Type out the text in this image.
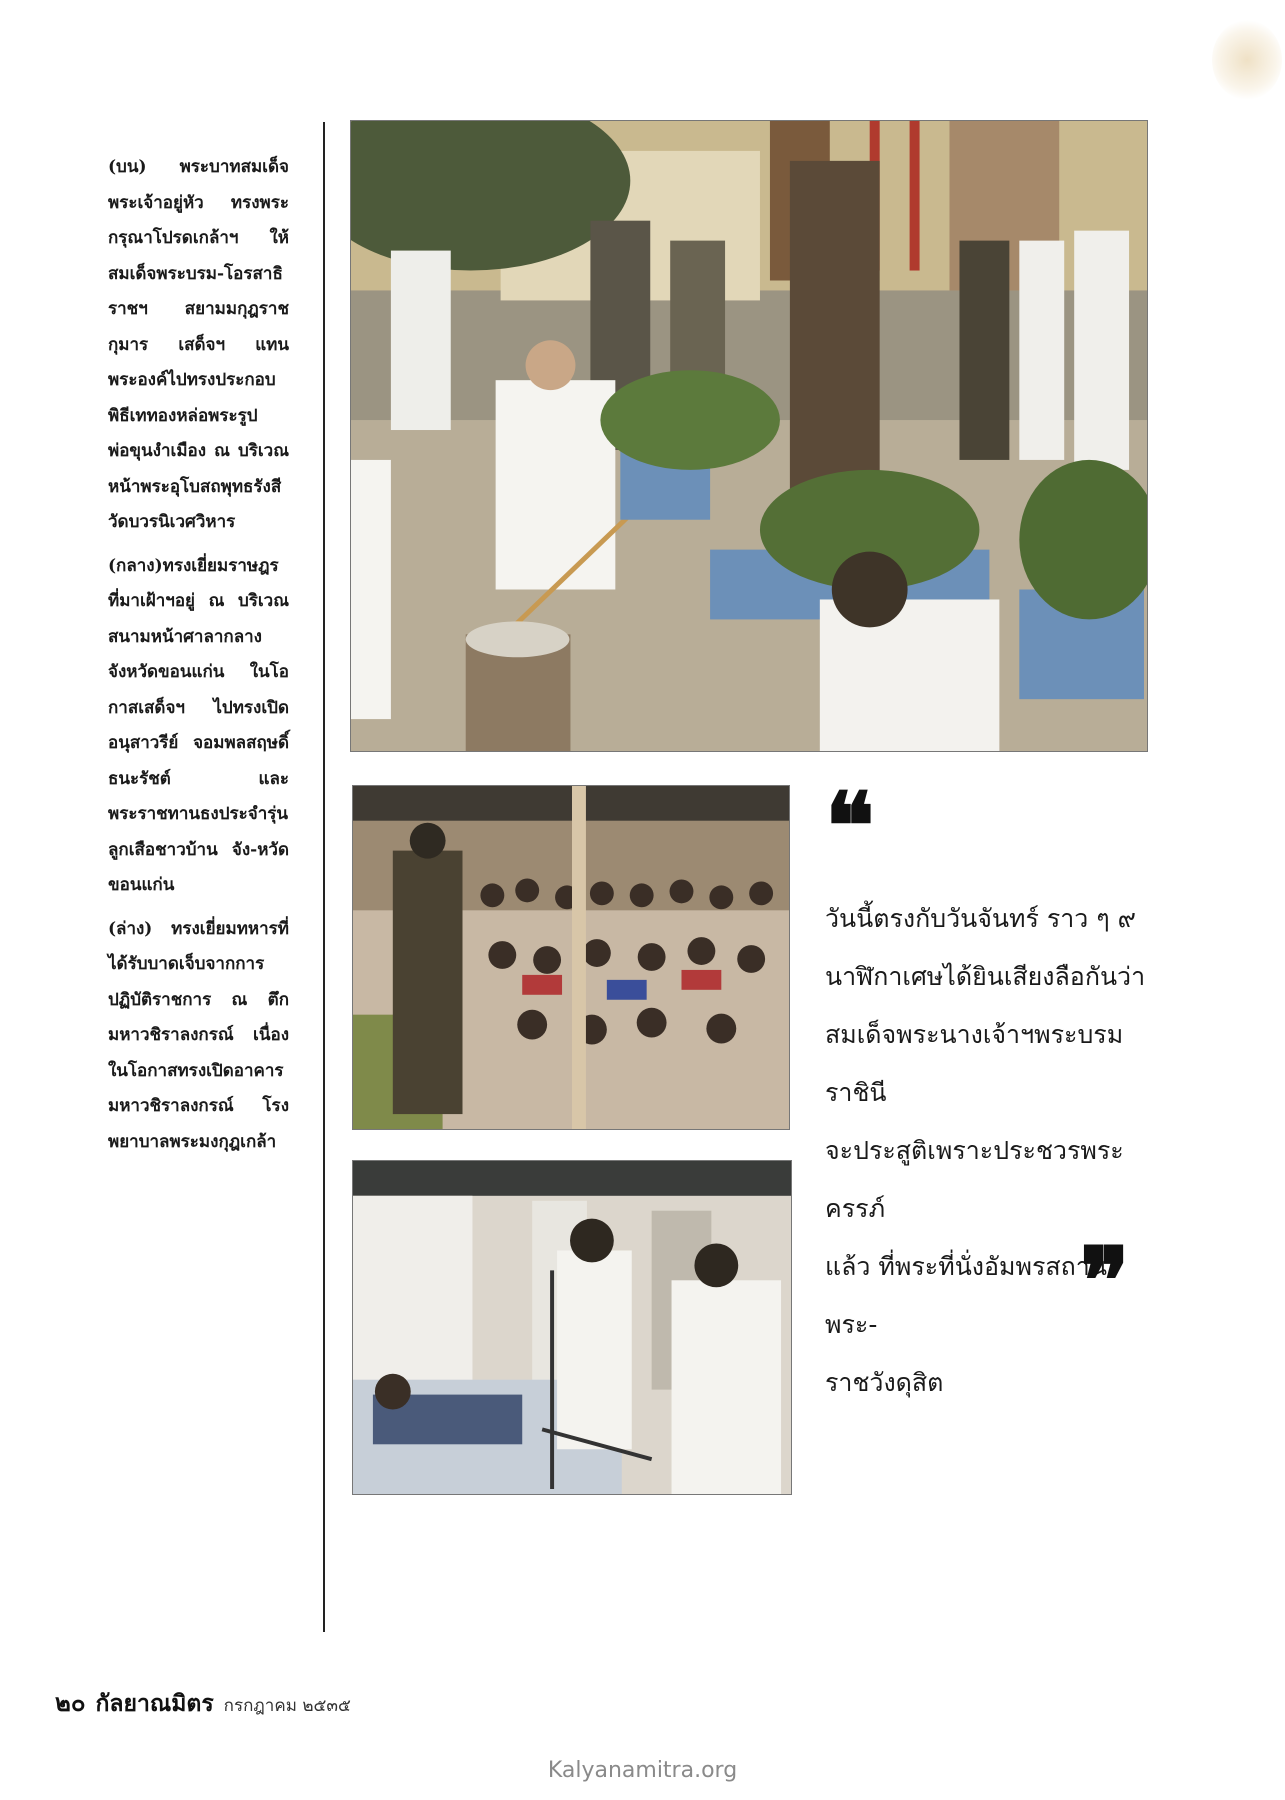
(บน) พระบาทสมเด็จพระเจ้าอยู่หัว ทรงพระกรุณาโปรดเกล้าฯ ให้สมเด็จพระบรม-โอรสาธิราชฯ สยามมกุฎราชกุมาร เสด็จฯ แทนพระองค์ไปทรงประกอบพิธีเททองหล่อพระรูป พ่อขุนงำเมือง ณ บริเวณหน้าพระอุโบสถพุทธรังสี วัดบวรนิเวศวิหาร

(กลาง)ทรงเยี่ยมราษฎรที่มาเฝ้าฯอยู่ ณ บริเวณสนามหน้าศาลากลางจังหวัดขอนแก่น ในโอกาสเสด็จฯ ไปทรงเปิดอนุสาวรีย์ จอมพลสฤษดิ์ ธนะรัชต์ และพระราชทานธงประจำรุ่นลูกเสือชาวบ้าน จัง-หวัดขอนแก่น

(ล่าง) ทรงเยี่ยมทหารที่ได้รับบาดเจ็บจากการปฏิบัติราชการ ณ ตึกมหาวชิราลงกรณ์ เนื่องในโอกาสทรงเปิดอาคารมหาวชิราลงกรณ์ โรงพยาบาลพระมงกุฎเกล้า

❝

วันนี้ตรงกับวันจันทร์ ราว ๆ ๙

นาฬิกาเศษได้ยินเสียงลือกันว่า

สมเด็จพระนางเจ้าฯพระบรมราชินี

จะประสูติเพราะประชวรพระครรภ์

แล้ว ที่พระที่นั่งอัมพรสถาน พระ-

ราชวังดุสิต

❞
๒๐ กัลยาณมิตร กรกฎาคม ๒๕๓๕
Kalyanamitra.org
